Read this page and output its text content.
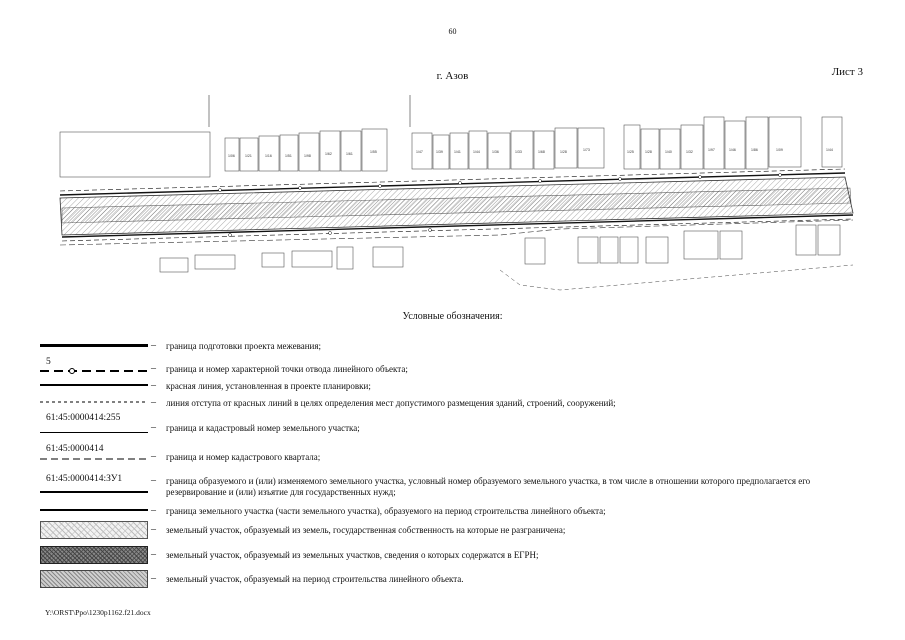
60
г. Азов	Лист 3
1/06	1/21	1/16	1/51	1/98	1/62	1/61	1/55	1/47	1/39	1/41	1/44	1/36	1/33	1/68	1/28	1/73	1/25	1/28	1/40	1/32	1/97	1/46	1/86	1/09	1/44
Условные обозначения:
– граница подготовки проекта межевания;
5
– граница и номер характерной точки отвода линейного объекта;
– красная линия, установленная в проекте планировки;
– линия отступа от красных линий в целях определения мест допустимого размещения зданий, строений, сооружений;
61:45:0000414:255
– граница и кадастровый номер земельного участка;
61:45:0000414
– граница и номер кадастрового квартала;
61:45:0000414:ЗУ1	– граница образуемого и (или) изменяемого земельного участка, условный номер образуемого земельного участка, в том числе в отношении которого предполагается его резервирование и (или) изъятие для государственных нужд;
– граница земельного участка (части земельного участка), образуемого на период строительства линейного объекта;
– земельный участок, образуемый из земель, государственная собственность на которые не разграничена;
– земельный участок, образуемый из земельных участков, сведения о которых содержатся в ЕГРН;
– земельный участок, образуемый на период строительства линейного объекта.
Y:\ORST\Ppo\1230p1162.f21.docx
